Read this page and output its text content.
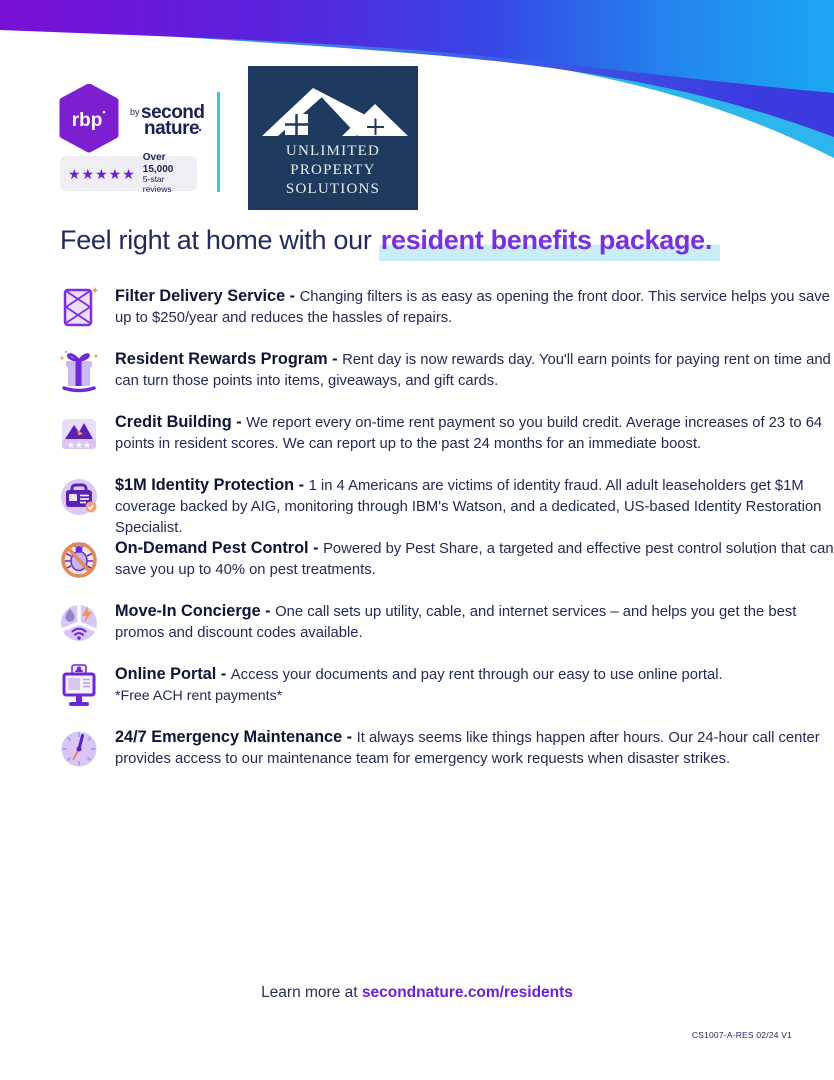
rbp	by second
nature
★★★★★
Over 15,000
5-star reviews
UNLIMITED
PROPERTY
SOLUTIONS
Feel right at home with our resident benefits package.
Filter Delivery Service - Changing filters is as easy as opening the front door. This service helps you save up to $250/year and reduces the hassles of repairs.
Resident Rewards Program - Rent day is now rewards day. You'll earn points for paying rent on time and can turn those points into items, giveaways, and gift cards.
★★★
Credit Building - We report every on-time rent payment so you build credit. Average increases of 23 to 64 points in resident scores. We can report up to the past 24 months for an immediate boost.
$1M Identity Protection - 1 in 4 Americans are victims of identity fraud. All adult leaseholders get $1M coverage backed by AIG, monitoring through IBM's Watson, and a dedicated, US-based Identity Restoration Specialist.
On-Demand Pest Control - Powered by Pest Share, a targeted and effective pest control solution that can save you up to 40% on pest treatments.
Move-In Concierge - One call sets up utility, cable, and internet services – and helps you get the best promos and discount codes available.
Online Portal - Access your documents and pay rent through our easy to use online portal.
*Free ACH rent payments*
24/7 Emergency Maintenance - It always seems like things happen after hours. Our 24-hour call center provides access to our maintenance team for emergency work requests when disaster strikes.
Learn more at secondnature.com/residents
CS1007-A-RES 02/24 V1
